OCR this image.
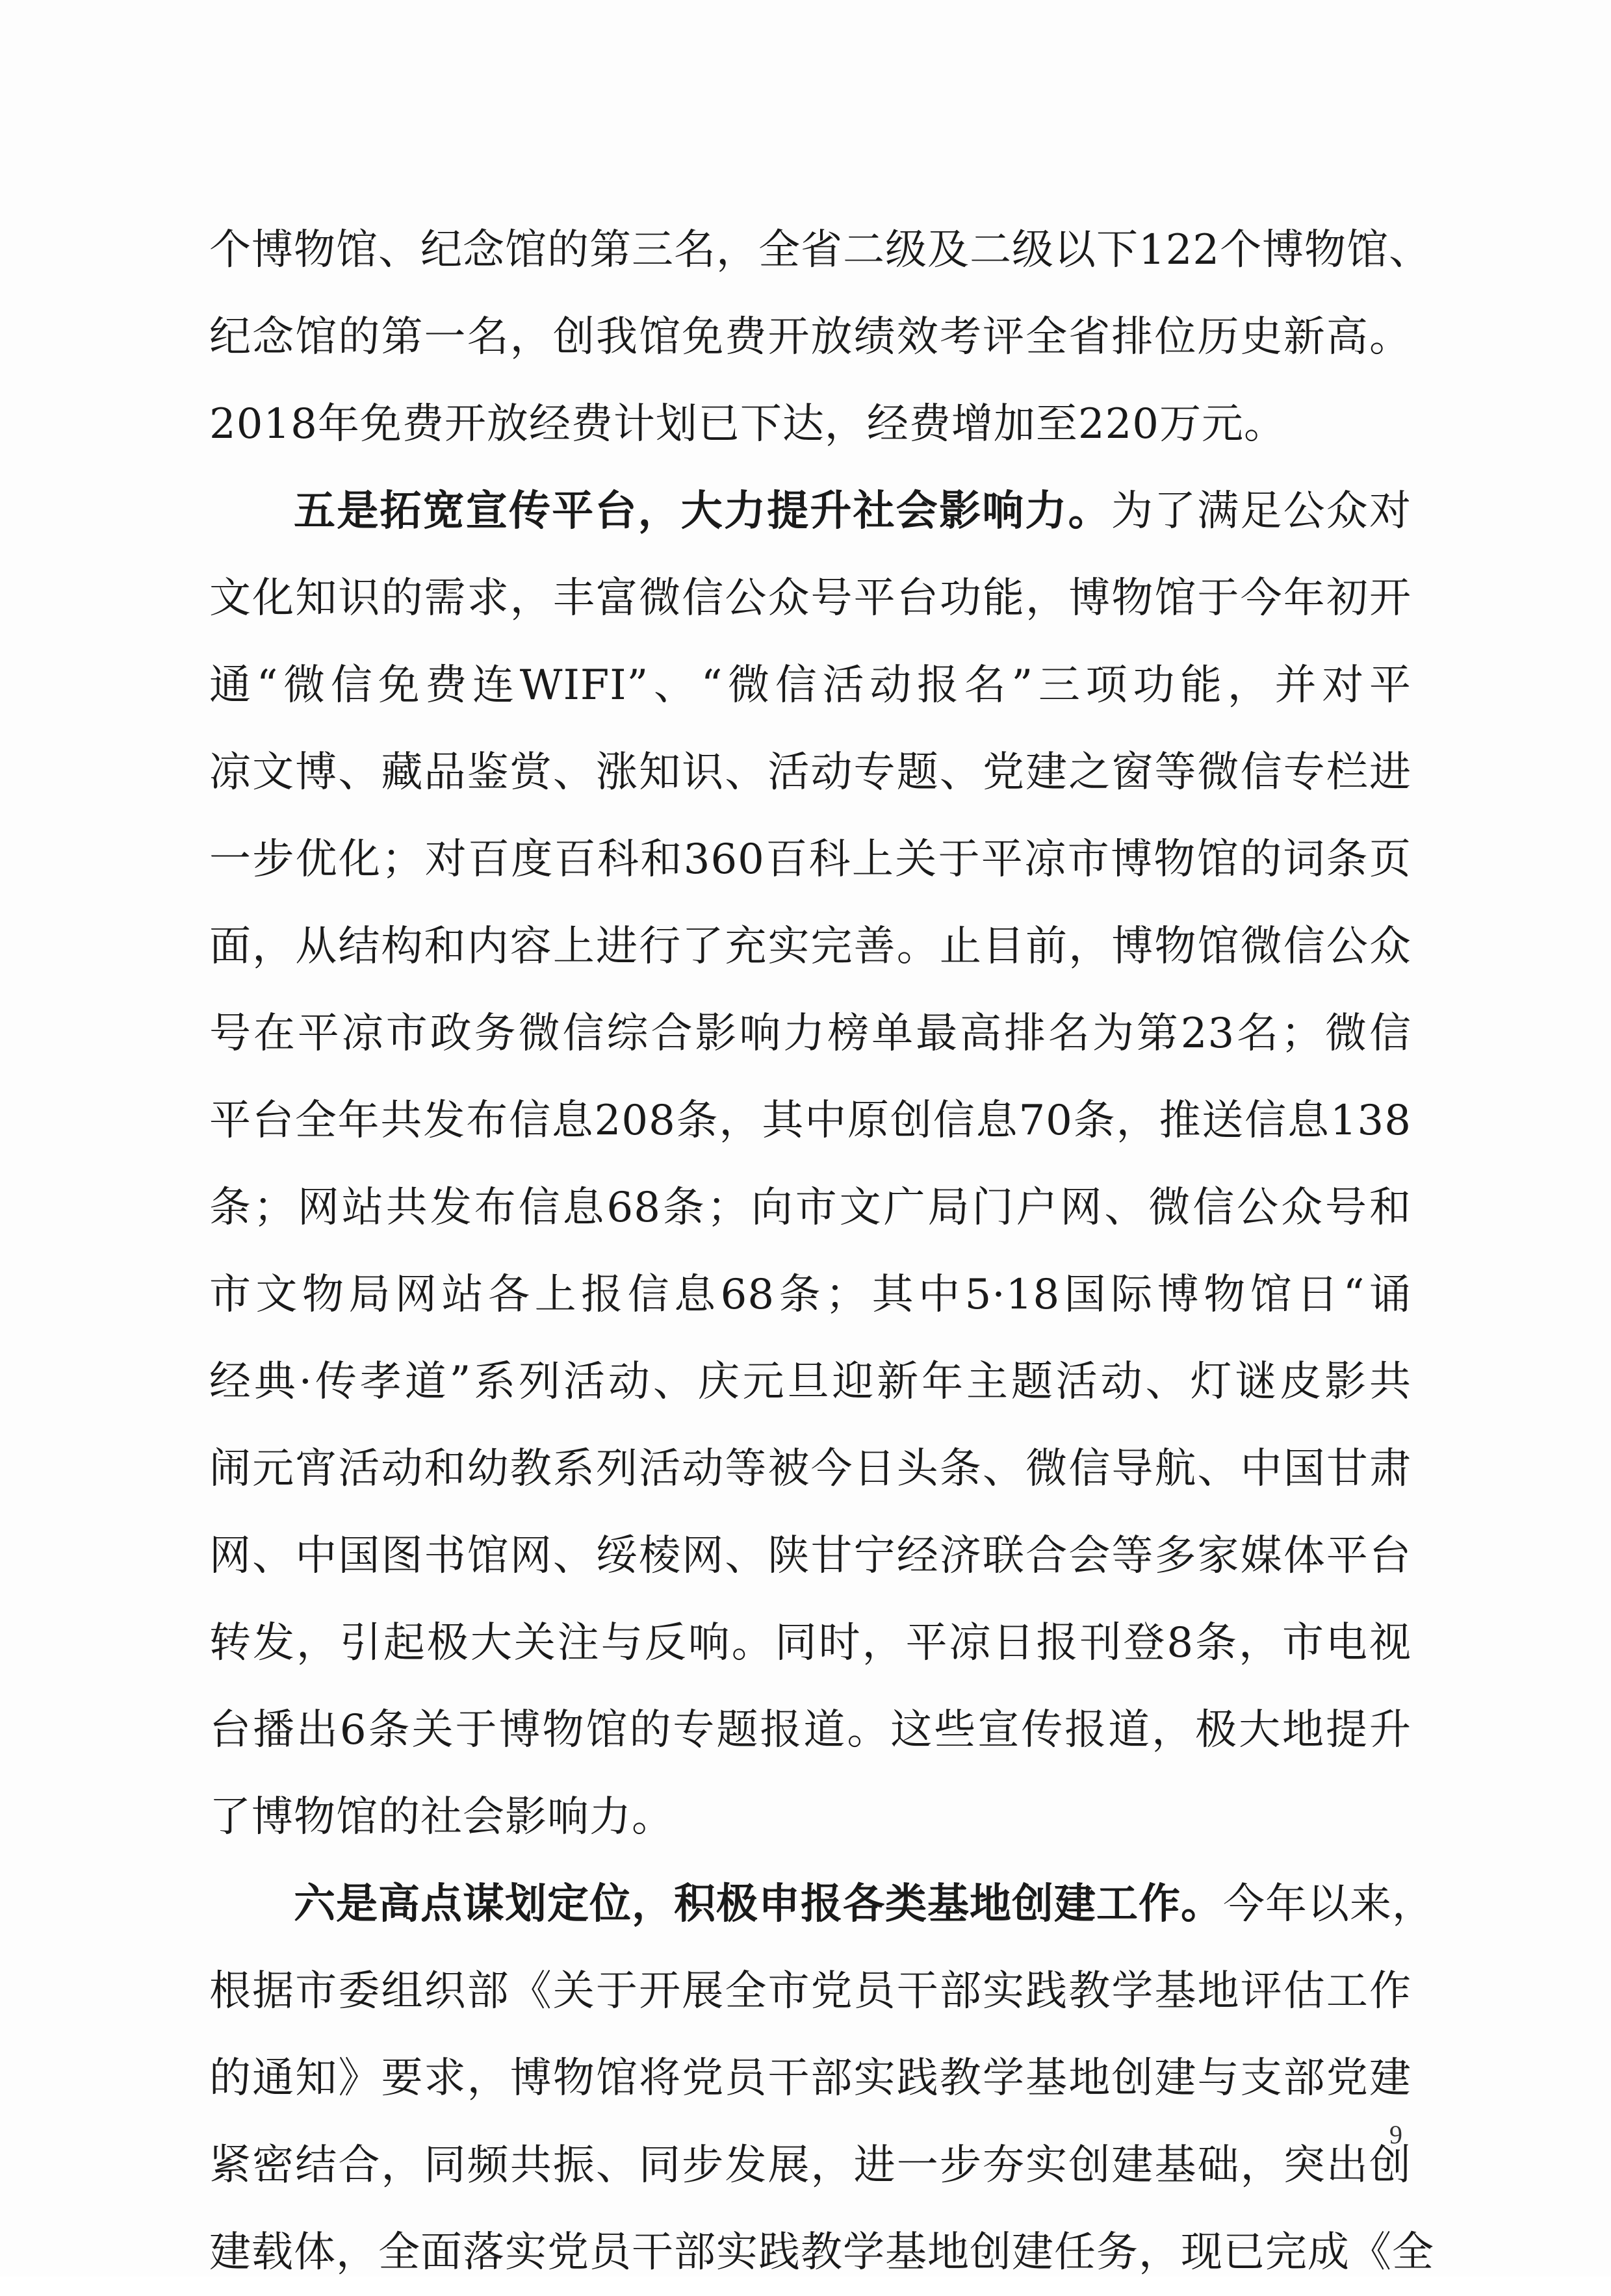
个博物馆、纪念馆的第三名，全省二级及二级以下122个博物馆、
纪念馆的第一名，创我馆免费开放绩效考评全省排位历史新高。
2018年免费开放经费计划已下达，经费增加至220万元。
五是拓宽宣传平台，大力提升社会影响力。为了满足公众对
文化知识的需求，丰富微信公众号平台功能，博物馆于今年初开
通“微信免费连WIFI”、“微信活动报名”三项功能，并对平
凉文博、藏品鉴赏、涨知识、活动专题、党建之窗等微信专栏进
一步优化；对百度百科和360百科上关于平凉市博物馆的词条页
面，从结构和内容上进行了充实完善。止目前，博物馆微信公众
号在平凉市政务微信综合影响力榜单最高排名为第23名；微信
平台全年共发布信息208条，其中原创信息70条，推送信息138
条；网站共发布信息68条；向市文广局门户网、微信公众号和
市文物局网站各上报信息68条；其中5·18国际博物馆日“诵
经典·传孝道”系列活动、庆元旦迎新年主题活动、灯谜皮影共
闹元宵活动和幼教系列活动等被今日头条、微信导航、中国甘肃
网、中国图书馆网、绥棱网、陕甘宁经济联合会等多家媒体平台
转发，引起极大关注与反响。同时，平凉日报刊登8条，市电视
台播出6条关于博物馆的专题报道。这些宣传报道，极大地提升
了博物馆的社会影响力。
六是高点谋划定位，积极申报各类基地创建工作。今年以来，
根据市委组织部《关于开展全市党员干部实践教学基地评估工作
的通知》要求，博物馆将党员干部实践教学基地创建与支部党建
紧密结合，同频共振、同步发展，进一步夯实创建基础，突出创
建载体，全面落实党员干部实践教学基地创建任务，现已完成《全
9
